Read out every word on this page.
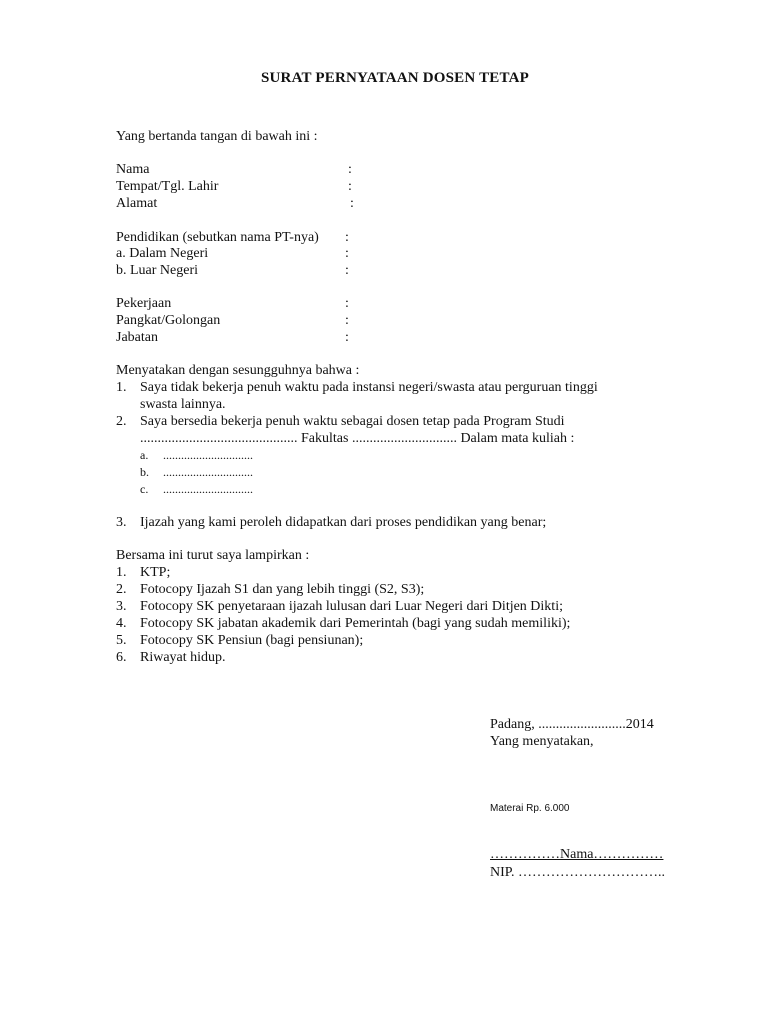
SURAT PERNYATAAN DOSEN TETAP
Yang bertanda tangan di bawah ini :
Nama	:
Tempat/Tgl. Lahir	:
Alamat	:
Pendidikan (sebutkan nama PT-nya) :
a. Dalam Negeri	:
b. Luar Negeri	:
Pekerjaan	:
Pangkat/Golongan	:
Jabatan	:
Menyatakan dengan sesungguhnya bahwa :
1. Saya tidak bekerja penuh waktu pada instansi negeri/swasta atau perguruan tinggi
swasta lainnya.
2. Saya bersedia bekerja penuh waktu sebagai dosen tetap pada Program Studi
............................................. Fakultas .............................. Dalam mata kuliah :
a. ..............................
b. ..............................
c. ..............................
3. Ijazah yang kami peroleh didapatkan dari proses pendidikan yang benar;
Bersama ini turut saya lampirkan :
1. KTP;
2. Fotocopy Ijazah S1 dan yang lebih tinggi (S2, S3);
3. Fotocopy SK penyetaraan ijazah lulusan dari Luar Negeri dari Ditjen Dikti;
4. Fotocopy SK jabatan akademik dari Pemerintah (bagi yang sudah memiliki);
5. Fotocopy SK Pensiun (bagi pensiunan);
6. Riwayat hidup.
Padang, .........................2014
Yang menyatakan,
Materai Rp. 6.000
……………Nama……………
NIP. …………………………..
